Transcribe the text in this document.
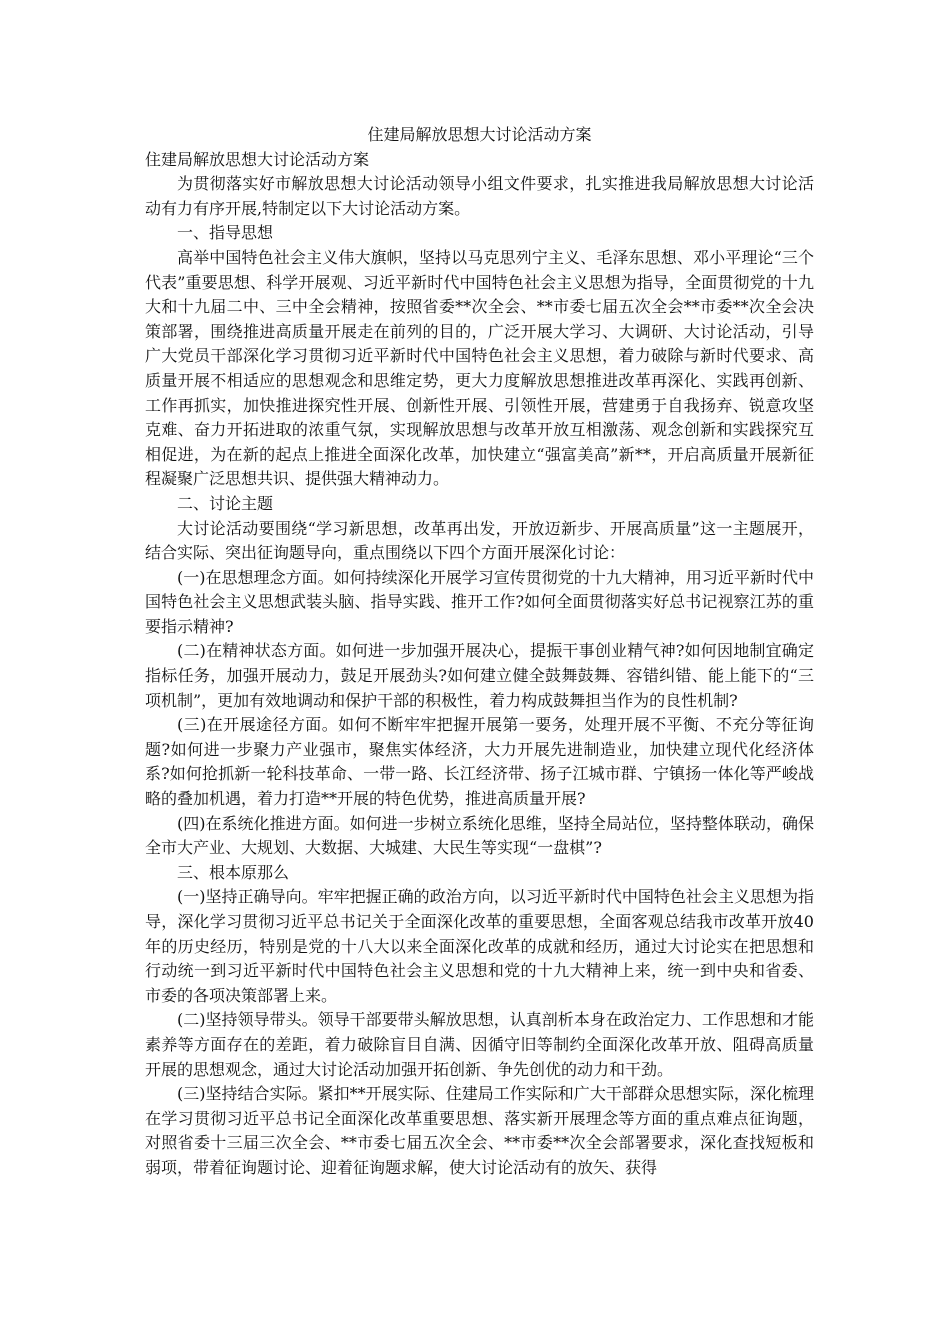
住建局解放思想大讨论活动方案

住建局解放思想大讨论活动方案

为贯彻落实好市解放思想大讨论活动领导小组文件要求，扎实推进我局解放思想大讨论活动有力有序开展,特制定以下大讨论活动方案。

一、指导思想

高举中国特色社会主义伟大旗帜，坚持以马克思列宁主义、毛泽东思想、邓小平理论“三个代表”重要思想、科学开展观、习近平新时代中国特色社会主义思想为指导，全面贯彻党的十九大和十九届二中、三中全会精神，按照省委**次全会、**市委七届五次全会**市委**次全会决策部署，围绕推进高质量开展走在前列的目的，广泛开展大学习、大调研、大讨论活动，引导广大党员干部深化学习贯彻习近平新时代中国特色社会主义思想，着力破除与新时代要求、高质量开展不相适应的思想观念和思维定势，更大力度解放思想推进改革再深化、实践再创新、工作再抓实，加快推进探究性开展、创新性开展、引领性开展，营建勇于自我扬弃、锐意攻坚克难、奋力开拓进取的浓重气氛，实现解放思想与改革开放互相激荡、观念创新和实践探究互相促进，为在新的起点上推进全面深化改革，加快建立“强富美高”新**，开启高质量开展新征程凝聚广泛思想共识、提供强大精神动力。

二、讨论主题

大讨论活动要围绕“学习新思想，改革再出发，开放迈新步、开展高质量”这一主题展开，结合实际、突出征询题导向，重点围绕以下四个方面开展深化讨论：

(一)在思想理念方面。如何持续深化开展学习宣传贯彻党的十九大精神，用习近平新时代中国特色社会主义思想武装头脑、指导实践、推开工作?如何全面贯彻落实好总书记视察江苏的重要指示精神?

(二)在精神状态方面。如何进一步加强开展决心，提振干事创业精气神?如何因地制宜确定指标任务，加强开展动力，鼓足开展劲头?如何建立健全鼓舞鼓舞、容错纠错、能上能下的“三项机制”，更加有效地调动和保护干部的积极性，着力构成鼓舞担当作为的良性机制?

(三)在开展途径方面。如何不断牢牢把握开展第一要务，处理开展不平衡、不充分等征询题?如何进一步聚力产业强市，聚焦实体经济，大力开展先进制造业，加快建立现代化经济体系?如何抢抓新一轮科技革命、一带一路、长江经济带、扬子江城市群、宁镇扬一体化等严峻战略的叠加机遇，着力打造**开展的特色优势，推进高质量开展?

(四)在系统化推进方面。如何进一步树立系统化思维，坚持全局站位，坚持整体联动，确保全市大产业、大规划、大数据、大城建、大民生等实现“一盘棋”?

三、根本原那么

(一)坚持正确导向。牢牢把握正确的政治方向，以习近平新时代中国特色社会主义思想为指导，深化学习贯彻习近平总书记关于全面深化改革的重要思想，全面客观总结我市改革开放40年的历史经历，特别是党的十八大以来全面深化改革的成就和经历，通过大讨论实在把思想和行动统一到习近平新时代中国特色社会主义思想和党的十九大精神上来，统一到中央和省委、市委的各项决策部署上来。

(二)坚持领导带头。领导干部要带头解放思想，认真剖析本身在政治定力、工作思想和才能素养等方面存在的差距，着力破除盲目自满、因循守旧等制约全面深化改革开放、阻碍高质量开展的思想观念，通过大讨论活动加强开拓创新、争先创优的动力和干劲。

(三)坚持结合实际。紧扣**开展实际、住建局工作实际和广大干部群众思想实际，深化梳理在学习贯彻习近平总书记全面深化改革重要思想、落实新开展理念等方面的重点难点征询题，对照省委十三届三次全会、**市委七届五次全会、**市委**次全会部署要求，深化查找短板和弱项，带着征询题讨论、迎着征询题求解，使大讨论活动有的放矢、获得
